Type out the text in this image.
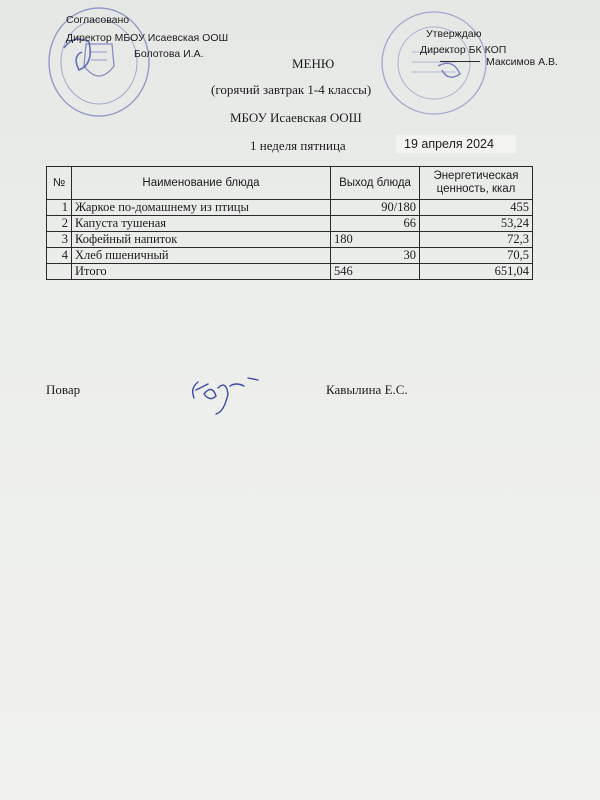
Согласовано
Директор МБОУ Исаевская ООШ
Болотова И.А.
Утверждаю
Директор БК КОП
Максимов А.В.
МЕНЮ
(горячий завтрак 1-4 классы)
МБОУ Исаевская ООШ
1 неделя пятница	19 апреля 2024
№	Наименование блюда	Выход блюда	Энергетическая ценность, ккал
1	Жаркое по-домашнему из птицы	90/180	455
2	Капуста тушеная	66	53,24
3	Кофейный напиток	180	72,3
4	Хлеб пшеничный	30	70,5
	Итого	546	651,04
Повар	Кавылина Е.С.
